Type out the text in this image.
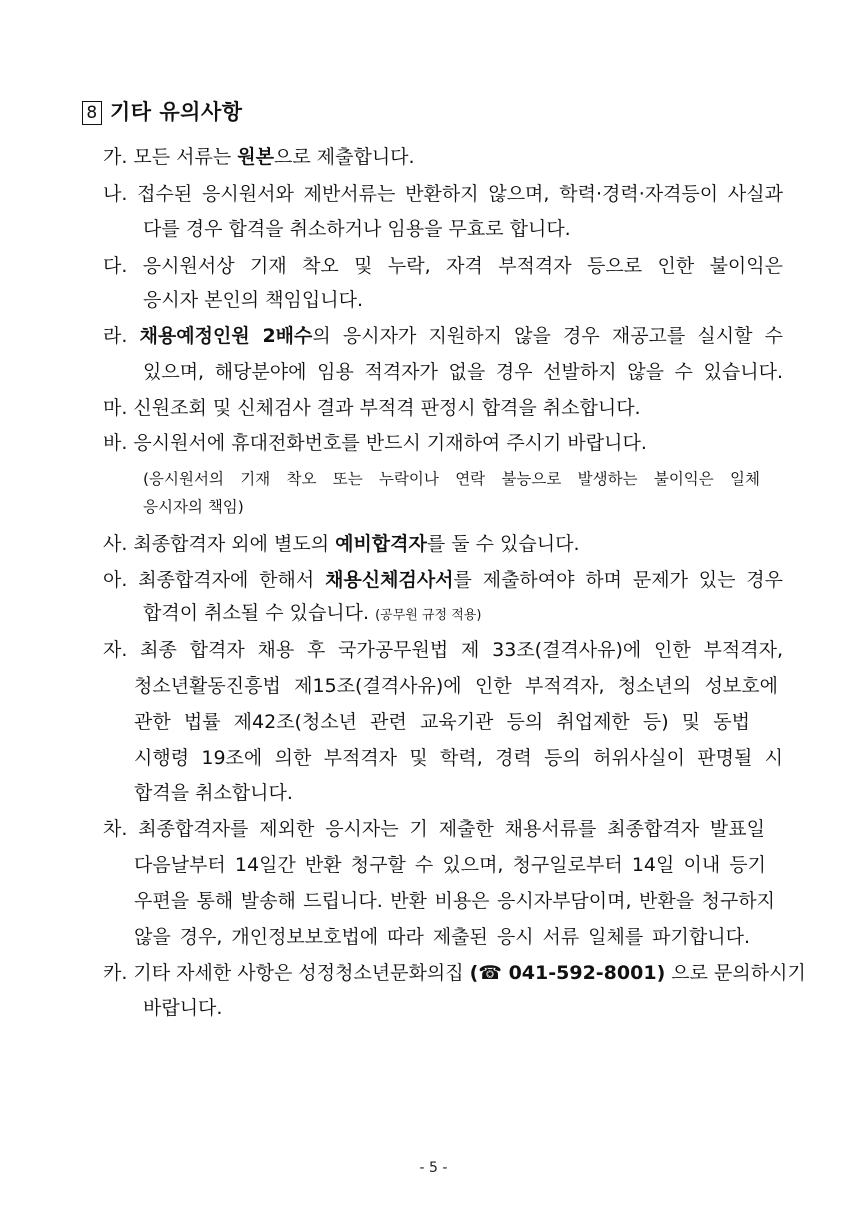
8 기타 유의사항
가. 모든 서류는 원본으로 제출합니다.
나. 접수된 응시원서와 제반서류는 반환하지 않으며, 학력·경력·자격등이 사실과
다를 경우 합격을 취소하거나 임용을 무효로 합니다.
다. 응시원서상 기재 착오 및 누락, 자격 부적격자 등으로 인한 불이익은
응시자 본인의 책임입니다.
라. 채용예정인원 2배수의 응시자가 지원하지 않을 경우 재공고를 실시할 수
있으며, 해당분야에 임용 적격자가 없을 경우 선발하지 않을 수 있습니다.
마. 신원조회 및 신체검사 결과 부적격 판정시 합격을 취소합니다.
바. 응시원서에 휴대전화번호를 반드시 기재하여 주시기 바랍니다.
(응시원서의 기재 착오 또는 누락이나 연락 불능으로 발생하는 불이익은 일체
응시자의 책임)
사. 최종합격자 외에 별도의 예비합격자를 둘 수 있습니다.
아. 최종합격자에 한해서 채용신체검사서를 제출하여야 하며 문제가 있는 경우
합격이 취소될 수 있습니다. (공무원 규정 적용)
자. 최종 합격자 채용 후 국가공무원법 제 33조(결격사유)에 인한 부적격자,
청소년활동진흥법 제15조(결격사유)에 인한 부적격자, 청소년의 성보호에
관한 법률 제42조(청소년 관련 교육기관 등의 취업제한 등) 및 동법
시행령 19조에 의한 부적격자 및 학력, 경력 등의 허위사실이 판명될 시
합격을 취소합니다.
차. 최종합격자를 제외한 응시자는 기 제출한 채용서류를 최종합격자 발표일
다음날부터 14일간 반환 청구할 수 있으며, 청구일로부터 14일 이내 등기
우편을 통해 발송해 드립니다. 반환 비용은 응시자부담이며, 반환을 청구하지
않을 경우, 개인정보보호법에 따라 제출된 응시 서류 일체를 파기합니다.
카. 기타 자세한 사항은 성정청소년문화의집 (☎ 041-592-8001) 으로 문의하시기
바랍니다.
- 5 -
